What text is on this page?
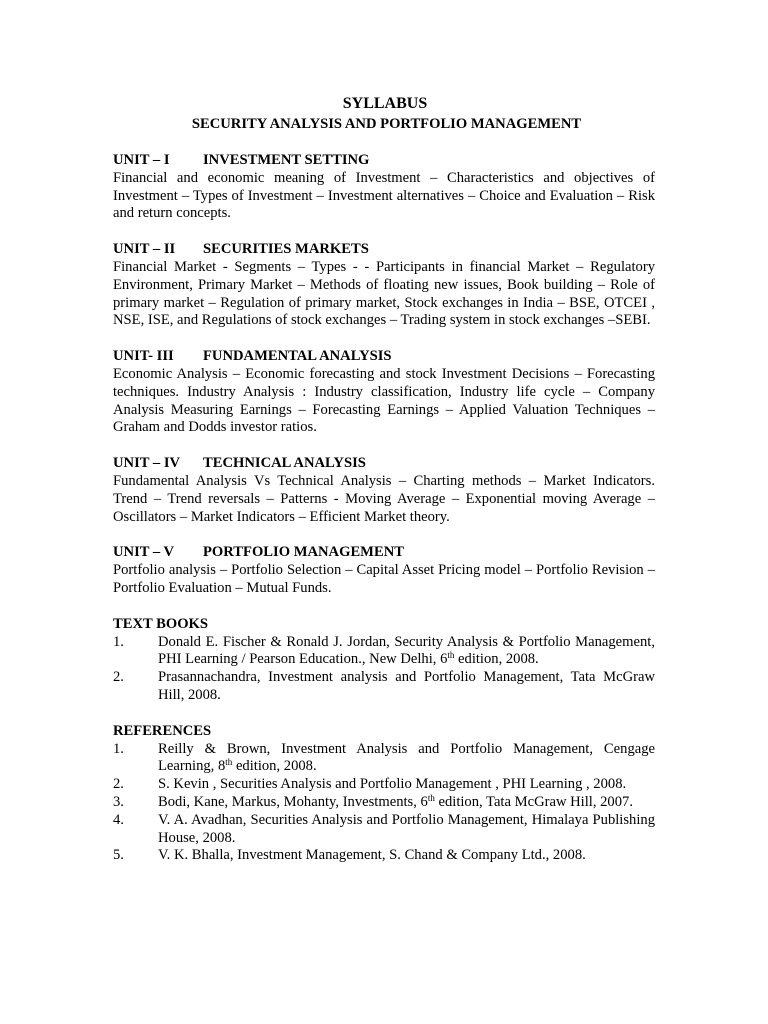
SYLLABUS
SECURITY ANALYSIS AND PORTFOLIO MANAGEMENT
UNIT – I	INVESTMENT SETTING
Financial and economic meaning of Investment – Characteristics and objectives of Investment – Types of Investment – Investment alternatives – Choice and Evaluation – Risk and return concepts.
UNIT – II	SECURITIES MARKETS
Financial Market - Segments – Types - - Participants in financial Market – Regulatory Environment, Primary Market – Methods of floating new issues, Book building – Role of primary market – Regulation of primary market, Stock exchanges in India – BSE, OTCEI , NSE, ISE, and Regulations of stock exchanges – Trading system in stock exchanges –SEBI.
UNIT- III	FUNDAMENTAL ANALYSIS
Economic Analysis – Economic forecasting and stock Investment Decisions – Forecasting techniques. Industry Analysis : Industry classification, Industry life cycle – Company Analysis Measuring Earnings – Forecasting Earnings – Applied Valuation Techniques – Graham and Dodds investor ratios.
UNIT – IV	TECHNICAL ANALYSIS
Fundamental Analysis Vs Technical Analysis – Charting methods – Market Indicators. Trend – Trend reversals – Patterns - Moving Average – Exponential moving Average – Oscillators – Market Indicators – Efficient Market theory.
UNIT – V	PORTFOLIO MANAGEMENT
Portfolio analysis – Portfolio Selection – Capital Asset Pricing model – Portfolio Revision –Portfolio Evaluation – Mutual Funds.
TEXT BOOKS
1.	Donald E. Fischer & Ronald J. Jordan, Security Analysis & Portfolio Management, PHI Learning / Pearson Education., New Delhi, 6th edition, 2008.
2.	Prasannachandra, Investment analysis and Portfolio Management, Tata McGraw Hill, 2008.
REFERENCES
1.	Reilly & Brown, Investment Analysis and Portfolio Management, Cengage Learning, 8th edition, 2008.
2.	S. Kevin , Securities Analysis and Portfolio Management , PHI Learning , 2008.
3.	Bodi, Kane, Markus, Mohanty, Investments, 6th edition, Tata McGraw Hill, 2007.
4.	V. A. Avadhan, Securities Analysis and Portfolio Management, Himalaya Publishing House, 2008.
5.	V. K. Bhalla, Investment Management, S. Chand & Company Ltd., 2008.
